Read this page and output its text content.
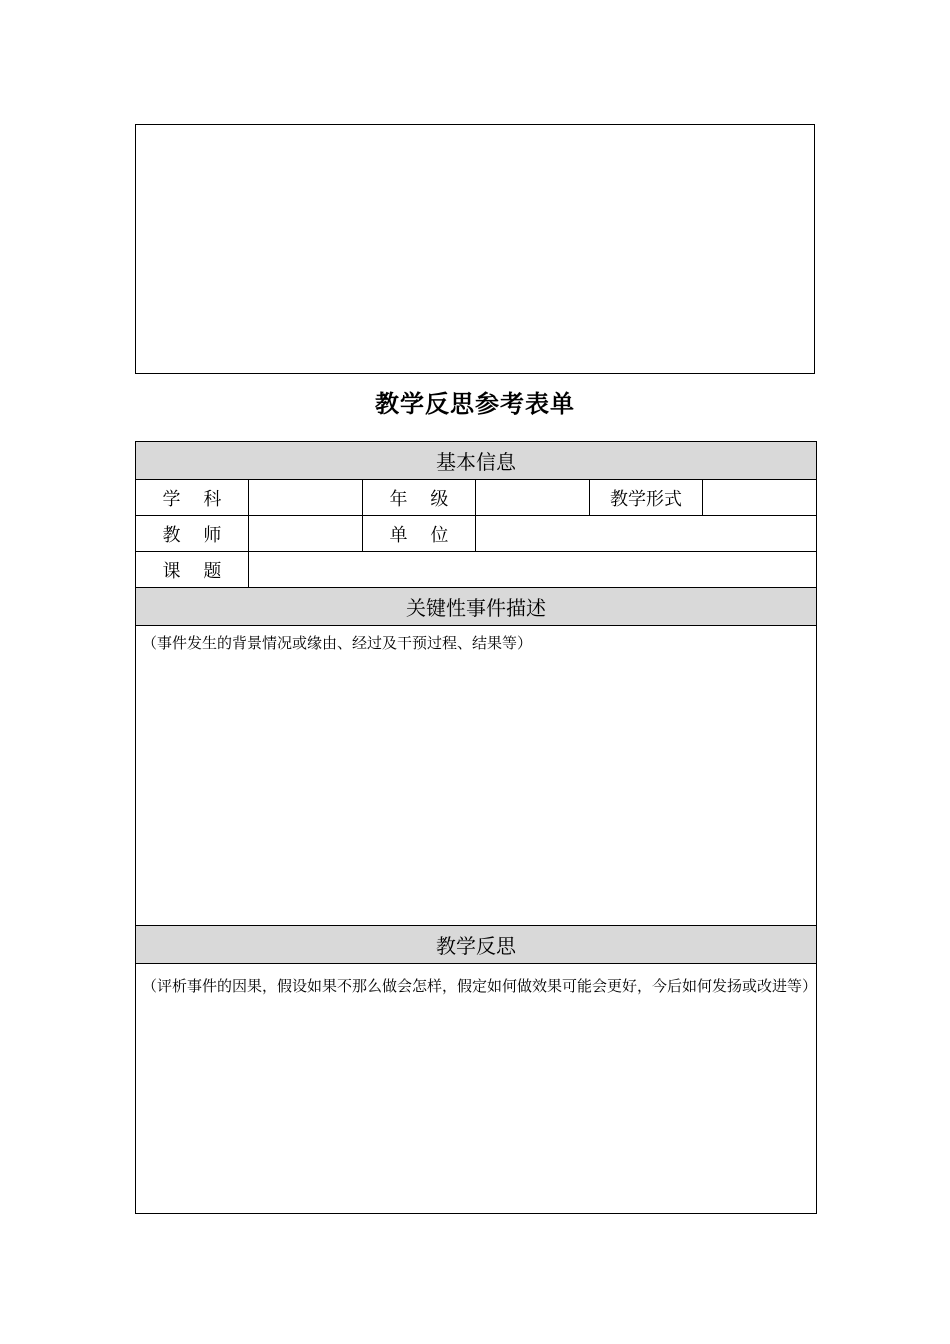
教学反思参考表单
基本信息					
学    科		年    级		教学形式	
教    师		单    位			
课    题					
关键性事件描述					

（事件发生的背景情况或缘由、经过及干预过程、结果等）					

教学反思					

（评析事件的因果，假设如果不那么做会怎样，假定如何做效果可能会更好，今后如何发扬或改进等）					
